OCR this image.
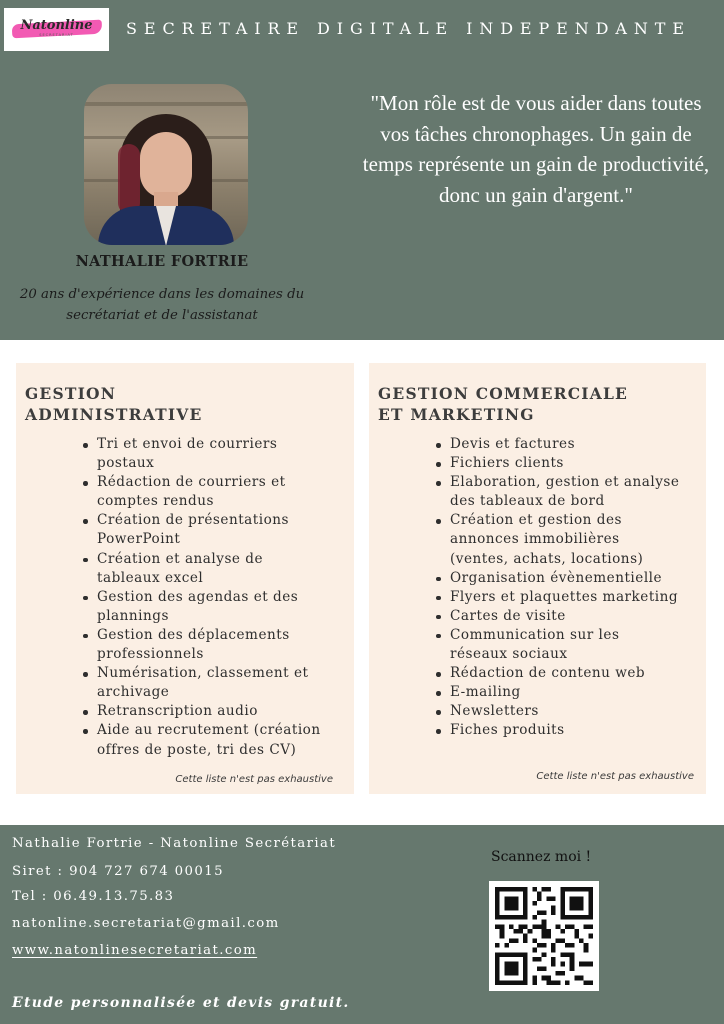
Natonline
SECRETARIAT	SECRETAIRE DIGITALE INDEPENDANTE
NATHALIE FORTRIE
20 ans d'expérience dans les domaines du secrétariat et de l'assistanat
"Mon rôle est de vous aider dans toutes vos tâches chronophages. Un gain de temps représente un gain de productivité, donc un gain d'argent."
GESTION
ADMINISTRATIVE
Tri et envoi de courriers postaux
Rédaction de courriers et comptes rendus
Création de présentations PowerPoint
Création et analyse de tableaux excel
Gestion des agendas et des plannings
Gestion des déplacements professionnels
Numérisation, classement et archivage
Retranscription audio
Aide au recrutement (création offres de poste, tri des CV)
Cette liste n'est pas exhaustive
GESTION COMMERCIALE
ET MARKETING
Devis et factures
Fichiers clients
Elaboration, gestion et analyse des tableaux de bord
Création et gestion des annonces immobilières (ventes, achats, locations)
Organisation évènementielle
Flyers et plaquettes marketing
Cartes de visite
Communication sur les réseaux sociaux
Rédaction de contenu web
E-mailing
Newsletters
Fiches produits
Cette liste n'est pas exhaustive
Nathalie Fortrie - Natonline Secrétariat
Siret : 904 727 674 00015
Tel : 06.49.13.75.83
natonline.secretariat@gmail.com
www.natonlinesecretariat.com
Etude personnalisée et devis gratuit.
Scannez moi !
